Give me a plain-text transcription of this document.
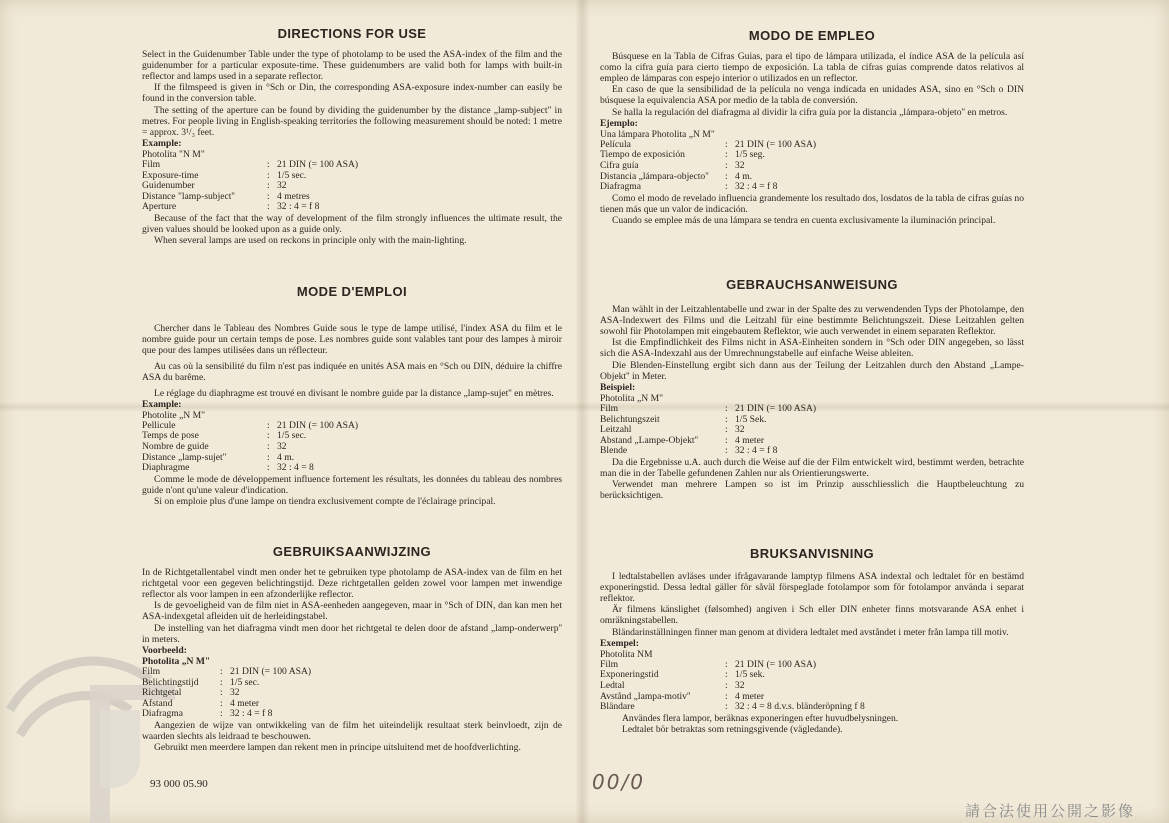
DIRECTIONS FOR USE

Select in the Guidenumber Table under the type of photolamp to be used the ASA-index of the film and the guidenumber for a particular exposute-time. These guidenumbers are valid both for lamps with built-in reflector and lamps used in a separate reflector.

If the filmspeed is given in °Sch or Din, the corresponding ASA-exposure index-number can easily be found in the conversion table.

The setting of the aperture can be found by dividing the guidenumber by the distance „lamp-subject" in metres. For people living in English-speaking territories the following measurement should be noted: 1 metre = approx. 3¹/₃ feet.

Example:
Photolita "N M"
Film	:	21 DIN (= 100 ASA)
Exposure-time	:	1/5 sec.
Guidenumber	:	32
Distance "lamp-subject''	:	4 metres
Aperture	:	32 : 4 = f 8

Because of the fact that the way of development of the film strongly influences the ultimate result, the given values should be looked upon as a guide only.

When several lamps are used on reckons in principle only with the main-lighting.

MODE D'EMPLOI

Chercher dans le Tableau des Nombres Guide sous le type de lampe utilisé, l'index ASA du film et le nombre guide pour un certain temps de pose. Les nombres guide sont valables tant pour des lampes à miroir que pour des lampes utilisées dans un réflecteur.

Au cas où la sensibilité du film n'est pas indiquée en unités ASA mais en °Sch ou DIN, déduire la chiffre ASA du barême.

Le réglage du diaphragme est trouvé en divisant le nombre guide par la distance „lamp-sujet'' en mètres.

Example:
Photolite „N M"
Pellicule	:	21 DIN (= 100 ASA)
Temps de pose	:	1/5 sec.
Nombre de guide	:	32
Distance „lamp-sujet''	:	4 m.
Diaphragme	:	32 : 4 = 8

Comme le mode de développement influence fortement les résultats, les données du tableau des nombres guide n'ont qu'une valeur d'indication.

Si on emploie plus d'une lampe on tiendra exclusivement compte de l'éclairage principal.

GEBRUIKSAANWIJZING

In de Richtgetallentabel vindt men onder het te gebruiken type photolamp de ASA-index van de film en het richtgetal voor een gegeven belichtingstijd. Deze richtgetallen gelden zowel voor lampen met inwendige reflector als voor lampen in een afzonderlijke reflector.

Is de gevoeligheid van de film niet in ASA-eenheden aangegeven, maar in °Sch of DIN, dan kan men het ASA-indexgetal afleiden uit de herleidingstabel.

De instelling van het diafragma vindt men door het richtgetal te delen door de afstand „lamp-onderwerp'' in meters.

Voorbeeld:
Photolita „N M"
Film	:	21 DIN (= 100 ASA)
Belichtingstijd	:	1/5 sec.
Richtgetal	:	32
Afstand	:	4 meter
Diafragma	:	32 : 4 = f 8

Aangezien de wijze van ontwikkeling van de film het uiteindelijk resultaat sterk beinvloedt, zijn de waarden slechts als leidraad te beschouwen.

Gebruikt men meerdere lampen dan rekent men in principe uitsluitend met de hoofdverlichting.

93 000 05.90
MODO DE EMPLEO

Búsquese en la Tabla de Cifras Guias, para el tipo de lámpara utilizada, el índice ASA de la película así como la cifra guía para cierto tiempo de exposición. La tabla de cifras guías comprende datos relativos al empleo de lámparas con espejo interior o utilizados en un reflector.

En caso de que la sensibilidad de la película no venga indicada en unidades ASA, sino en °Sch o DIN búsquese la equivalencia ASA por medio de la tabla de conversión.

Se halla la regulación del diafragma al dividir la cifra guía por la distancia „lámpara-objeto'' en metros.

Ejemplo:
Una lámpara Photolita „N M"
Película	:	21 DIN (= 100 ASA)
Tiempo de exposición	:	1/5 seg.
Cifra guía	:	32
Distancia „lámpara-objecto''	:	4 m.
Diafragma	:	32 : 4 = f 8

Como el modo de revelado influencia grandemente los resultado dos, losdatos de la tabla de cifras guías no tienen más que un valor de indicación.

Cuando se emplee más de una lámpara se tendra en cuenta exclusivamente la iluminación principal.

GEBRAUCHSANWEISUNG

Man wählt in der Leitzahlentabelle und zwar in der Spalte des zu verwendenden Typs der Photolampe, den ASA-Indexwert des Films und die Leitzahl für eine bestimmte Belichtungszeit. Diese Leitzahlen gelten sowohl für Photolampen mit eingebautem Reflektor, wie auch verwendet in einem separaten Reflektor.

Ist die Empfindlichkeit des Films nicht in ASA-Einheiten sondern in °Sch oder DIN angegeben, so lässt sich die ASA-Indexzahl aus der Umrechnungstabelle auf einfache Weise ableiten.

Die Blenden-Einstellung ergibt sich dann aus der Teilung der Leitzahlen durch den Abstand „Lampe-Objekt'' in Meter.

Beispiel:
Photolita „N M"
Film	:	21 DIN (= 100 ASA)
Belichtungszeit	:	1/5 Sek.
Leitzahl	:	32
Abstand „Lampe-Objekt''	:	4 meter
Blende	:	32 : 4 = f 8

Da die Ergebnisse u.A. auch durch die Weise auf die der Film entwickelt wird, bestimmt werden, betrachte man die in der Tabelle gefundenen Zahlen nur als Orientierungswerte.

Verwendet man mehrere Lampen so ist im Prinzip ausschliesslich die Hauptbeleuchtung zu berücksichtigen.

BRUKSANVISNING

I ledtalstabellen avläses under ifrågavarande lamptyp filmens ASA indextal och ledtalet för en bestämd exponeringstid. Dessa ledtal gäller för såväl förspeglade fotolampor som för fotolampor använda i separat reflektor.

Är filmens känslighet (følsomhed) angiven i Sch eller DIN enheter finns motsvarande ASA enhet i omräkningstabellen.

Bländarinställningen finner man genom at dividera ledtalet med avståndet i meter från lampa till motiv.

Exempel:
Photolita NM
Film	:	21 DIN (= 100 ASA)
Exponeringstid	:	1/5 sek.
Ledtal	:	32
Avstånd „lampa-motiv''	:	4 meter
Bländare	:	32 : 4 = 8 d.v.s. bländeröpning f 8

Användes flera lampor, beräknas exponeringen efter huvudbelysningen.

Ledtalet bör betraktas som retningsgivende (vägledande).

00/0
請合法使用公開之影像
